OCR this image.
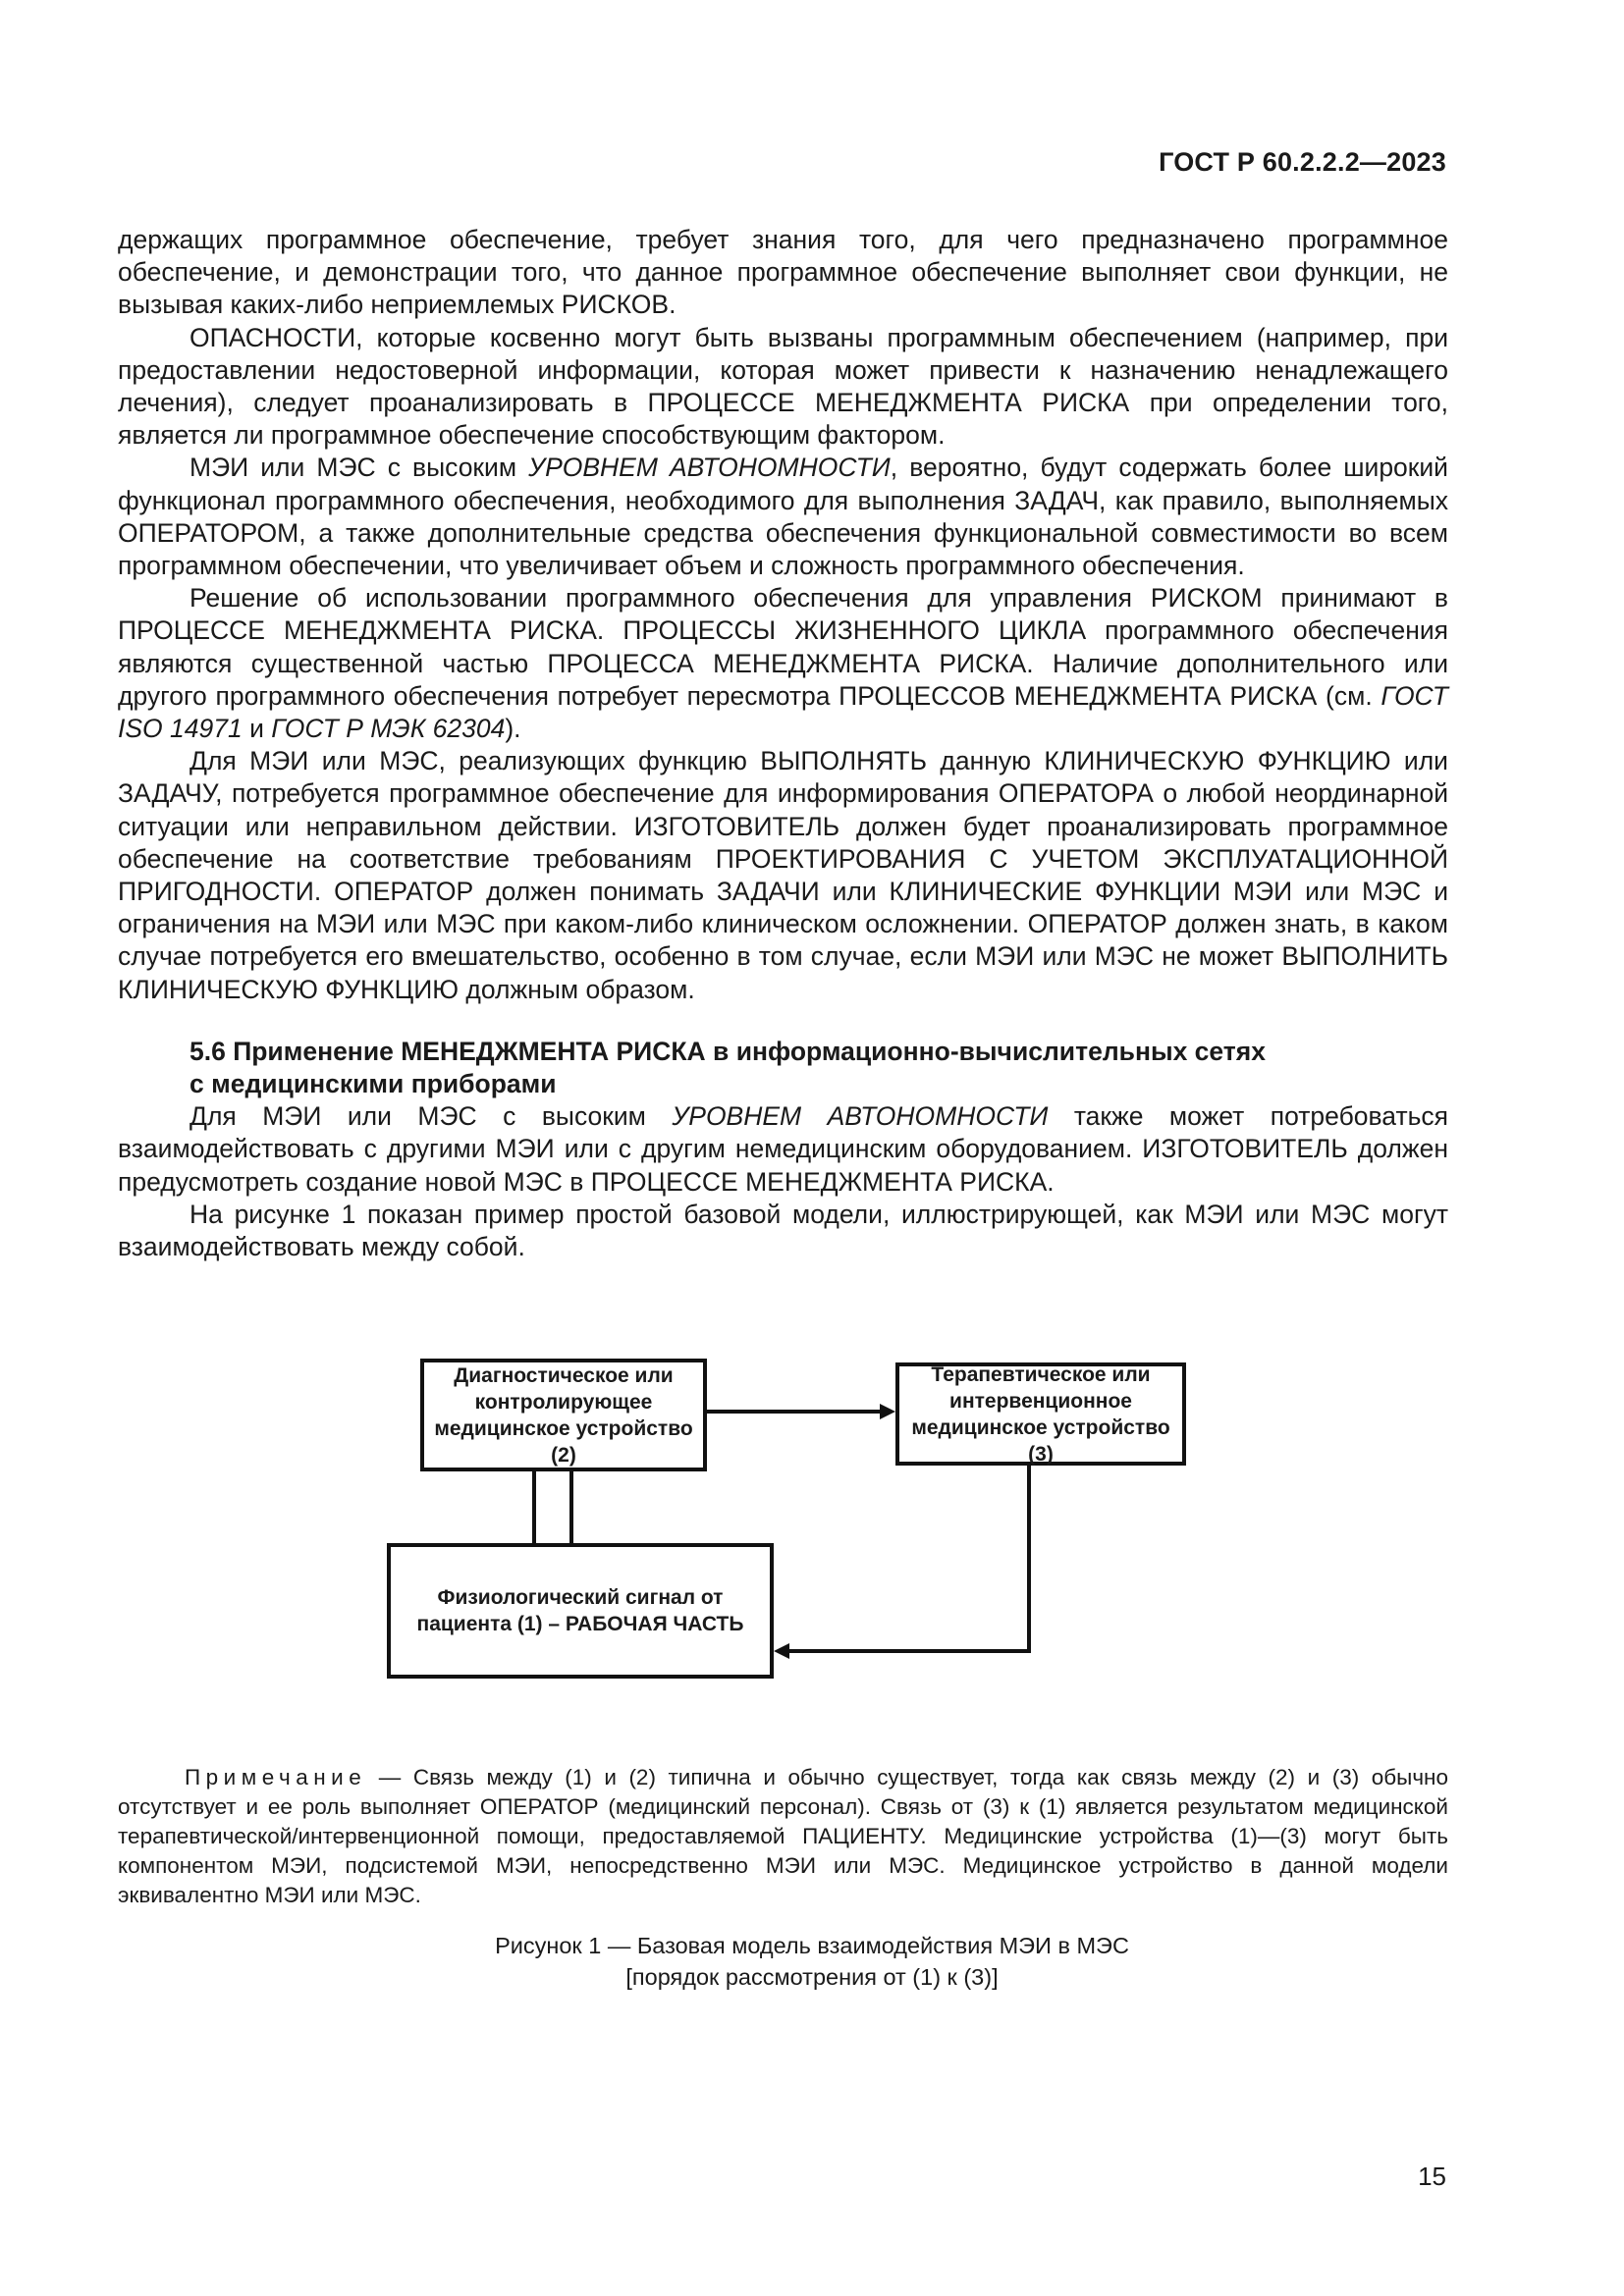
ГОСТ Р 60.2.2.2—2023

держащих программное обеспечение, требует знания того, для чего предназначено программное обеспечение, и демонстрации того, что данное программное обеспечение выполняет свои функции, не вызывая каких-либо неприемлемых РИСКОВ.

ОПАСНОСТИ, которые косвенно могут быть вызваны программным обеспечением (например, при предоставлении недостоверной информации, которая может привести к назначению ненадлежащего лечения), следует проанализировать в ПРОЦЕССЕ МЕНЕДЖМЕНТА РИСКА при определении того, является ли программное обеспечение способствующим фактором.

МЭИ или МЭС с высоким УРОВНЕМ АВТОНОМНОСТИ, вероятно, будут содержать более широкий функционал программного обеспечения, необходимого для выполнения ЗАДАЧ, как правило, выполняемых ОПЕРАТОРОМ, а также дополнительные средства обеспечения функциональной совместимости во всем программном обеспечении, что увеличивает объем и сложность программного обеспечения.

Решение об использовании программного обеспечения для управления РИСКОМ принимают в ПРОЦЕССЕ МЕНЕДЖМЕНТА РИСКА. ПРОЦЕССЫ ЖИЗНЕННОГО ЦИКЛА программного обеспечения являются существенной частью ПРОЦЕССА МЕНЕДЖМЕНТА РИСКА. Наличие дополнительного или другого программного обеспечения потребует пересмотра ПРОЦЕССОВ МЕНЕДЖМЕНТА РИСКА (см. ГОСТ ISO 14971 и ГОСТ Р МЭК 62304).

Для МЭИ или МЭС, реализующих функцию ВЫПОЛНЯТЬ данную КЛИНИЧЕСКУЮ ФУНКЦИЮ или ЗАДАЧУ, потребуется программное обеспечение для информирования ОПЕРАТОРА о любой неординарной ситуации или неправильном действии. ИЗГОТОВИТЕЛЬ должен будет проанализировать программное обеспечение на соответствие требованиям ПРОЕКТИРОВАНИЯ С УЧЕТОМ ЭКСПЛУАТАЦИОННОЙ ПРИГОДНОСТИ. ОПЕРАТОР должен понимать ЗАДАЧИ или КЛИНИЧЕСКИЕ ФУНКЦИИ МЭИ или МЭС и ограничения на МЭИ или МЭС при каком-либо клиническом осложнении. ОПЕРАТОР должен знать, в каком случае потребуется его вмешательство, особенно в том случае, если МЭИ или МЭС не может ВЫПОЛНИТЬ КЛИНИЧЕСКУЮ ФУНКЦИЮ должным образом.

5.6 Применение МЕНЕДЖМЕНТА РИСКА в информационно-вычислительных сетях
с медицинскими приборами

Для МЭИ или МЭС с высоким УРОВНЕМ АВТОНОМНОСТИ также может потребоваться взаимодействовать с другими МЭИ или с другим немедицинским оборудованием. ИЗГОТОВИТЕЛЬ должен предусмотреть создание новой МЭС в ПРОЦЕССЕ МЕНЕДЖМЕНТА РИСКА.

На рисунке 1 показан пример простой базовой модели, иллюстрирующей, как МЭИ или МЭС могут взаимодействовать между собой.

Диагностическое или контролирующее медицинское устройство (2)
Терапевтическое или интервенционное медицинское устройство (3)
Физиологический сигнал от пациента (1) – РАБОЧАЯ ЧАСТЬ
Примечание — Связь между (1) и (2) типична и обычно существует, тогда как связь между (2) и (3) обычно отсутствует и ее роль выполняет ОПЕРАТОР (медицинский персонал). Связь от (3) к (1) является результатом медицинской терапевтической/интервенционной помощи, предоставляемой ПАЦИЕНТУ. Медицинские устройства (1)—(3) могут быть компонентом МЭИ, подсистемой МЭИ, непосредственно МЭИ или МЭС. Медицинское устройство в данной модели эквивалентно МЭИ или МЭС.
Рисунок 1 — Базовая модель взаимодействия МЭИ в МЭС
[порядок рассмотрения от (1) к (3)]
15
